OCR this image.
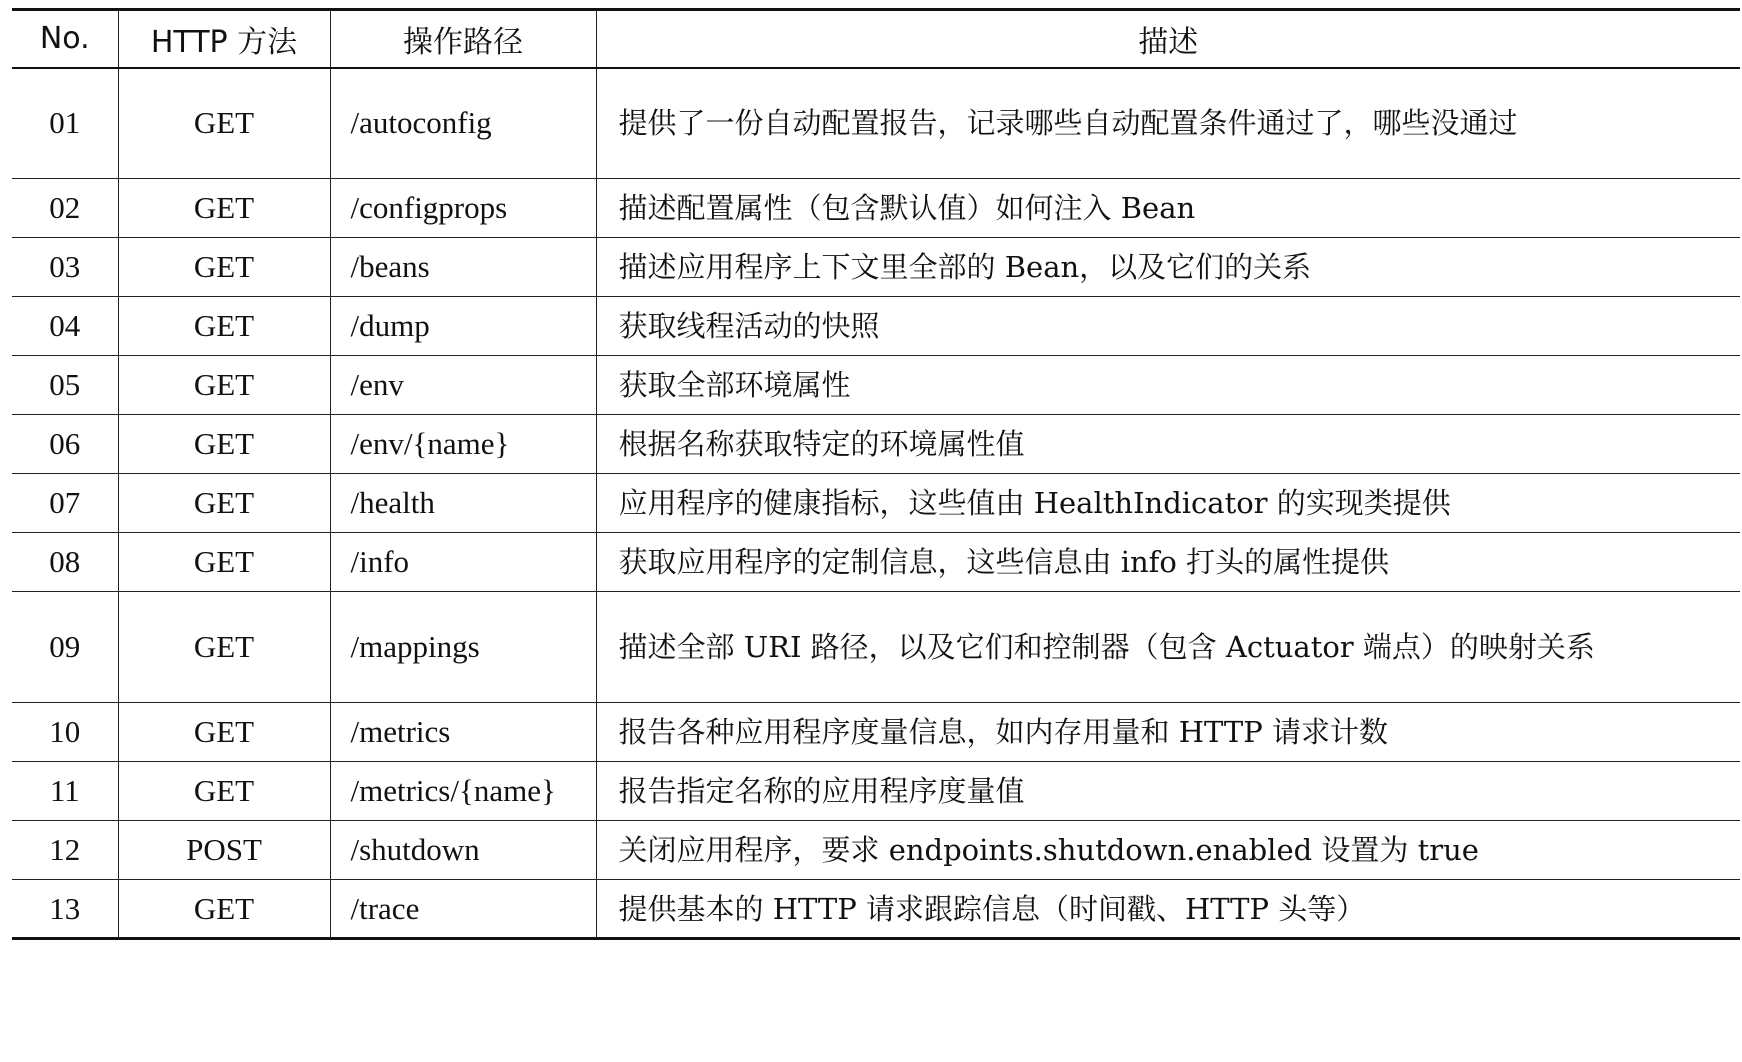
No.	HTTP 方法	操作路径	描述
01	GET	/autoconfig	提供了一份自动配置报告，记录哪些自动配置条件通过了，哪些没通过
02	GET	/configprops	描述配置属性（包含默认值）如何注入 Bean
03	GET	/beans	描述应用程序上下文里全部的 Bean，以及它们的关系
04	GET	/dump	获取线程活动的快照
05	GET	/env	获取全部环境属性
06	GET	/env/{name}	根据名称获取特定的环境属性值
07	GET	/health	应用程序的健康指标，这些值由 HealthIndicator 的实现类提供
08	GET	/info	获取应用程序的定制信息，这些信息由 info 打头的属性提供
09	GET	/mappings	描述全部 URI 路径，以及它们和控制器（包含 Actuator 端点）的映射关系
10	GET	/metrics	报告各种应用程序度量信息，如内存用量和 HTTP 请求计数
11	GET	/metrics/{name}	报告指定名称的应用程序度量值
12	POST	/shutdown	关闭应用程序，要求 endpoints.shutdown.enabled 设置为 true
13	GET	/trace	提供基本的 HTTP 请求跟踪信息（时间戳、HTTP 头等）
